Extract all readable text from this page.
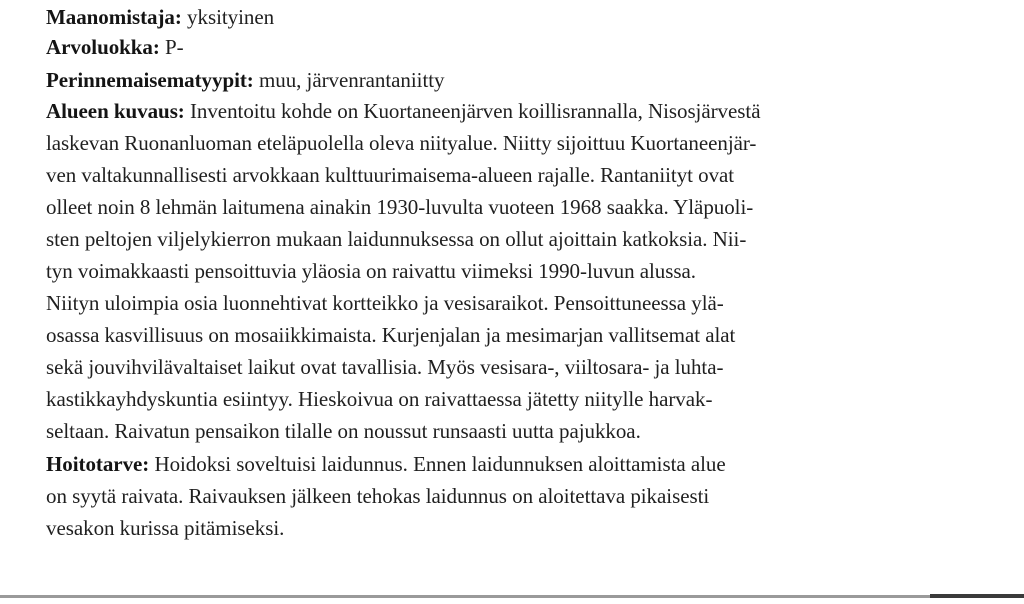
Maanomistaja: yksityinen
Arvoluokka: P-
Perinnemaisematyypit: muu, järvenrantaniitty
Alueen kuvaus: Inventoitu kohde on Kuortaneenjärven koillisrannalla, Nisosjärvestä
laskevan Ruonanluoman eteläpuolella oleva niityalue. Niitty sijoittuu Kuortaneenjär-
ven valtakunnallisesti arvokkaan kulttuurimaisema-alueen rajalle. Rantaniityt ovat
olleet noin 8 lehmän laitumena ainakin 1930-luvulta vuoteen 1968 saakka. Yläpuoli-
sten peltojen viljelykierron mukaan laidunnuksessa on ollut ajoittain katkoksia. Nii-
tyn voimakkaasti pensoittuvia yläosia on raivattu viimeksi 1990-luvun alussa.
Niityn uloimpia osia luonnehtivat kortteikko ja vesisaraikot. Pensoittuneessa ylä-
osassa kasvillisuus on mosaiikkimaista. Kurjenjalan ja mesimarjan vallitsemat alat
sekä jouvihvilävaltaiset laikut ovat tavallisia. Myös vesisara-, viiltosara- ja luhta-
kastikkayhdyskuntia esiintyy. Hieskoivua on raivattaessa jätetty niitylle harvak-
seltaan. Raivatun pensaikon tilalle on noussut runsaasti uutta pajukkoa.
Hoitotarve: Hoidoksi soveltuisi laidunnus. Ennen laidunnuksen aloittamista alue
on syytä raivata. Raivauksen jälkeen tehokas laidunnus on aloitettava pikaisesti
vesakon kurissa pitämiseksi.
